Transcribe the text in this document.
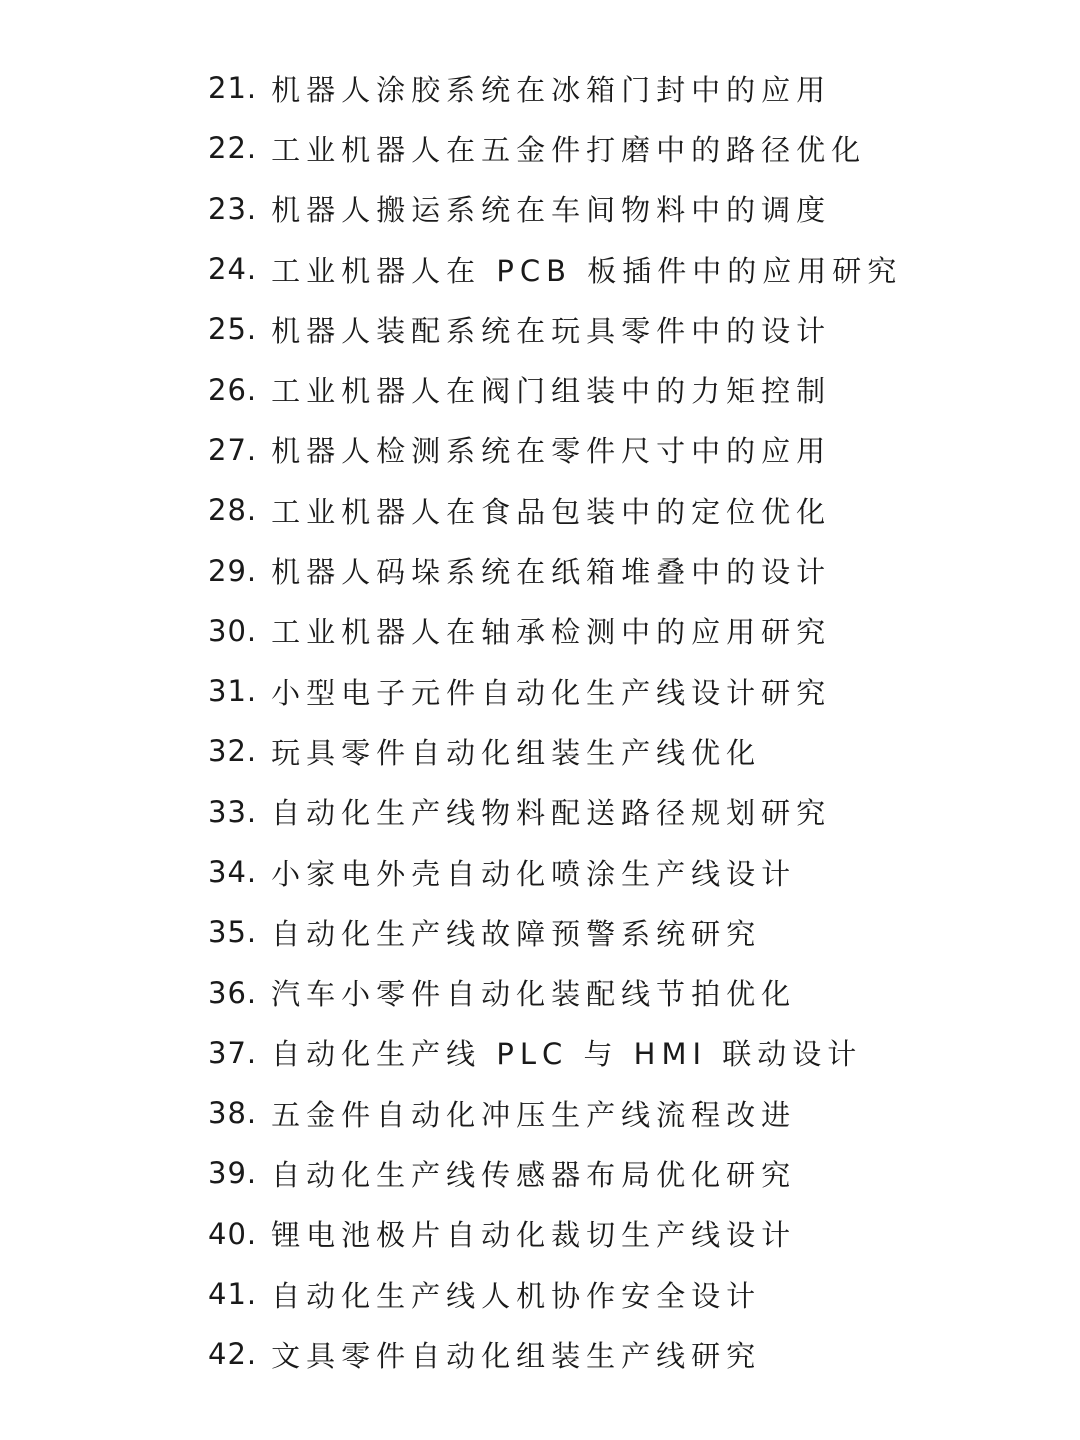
21. 机器人涂胶系统在冰箱门封中的应用
22. 工业机器人在五金件打磨中的路径优化
23. 机器人搬运系统在车间物料中的调度
24. 工业机器人在 PCB 板插件中的应用研究
25. 机器人装配系统在玩具零件中的设计
26. 工业机器人在阀门组装中的力矩控制
27. 机器人检测系统在零件尺寸中的应用
28. 工业机器人在食品包装中的定位优化
29. 机器人码垛系统在纸箱堆叠中的设计
30. 工业机器人在轴承检测中的应用研究
31. 小型电子元件自动化生产线设计研究
32. 玩具零件自动化组装生产线优化
33. 自动化生产线物料配送路径规划研究
34. 小家电外壳自动化喷涂生产线设计
35. 自动化生产线故障预警系统研究
36. 汽车小零件自动化装配线节拍优化
37. 自动化生产线 PLC 与 HMI 联动设计
38. 五金件自动化冲压生产线流程改进
39. 自动化生产线传感器布局优化研究
40. 锂电池极片自动化裁切生产线设计
41. 自动化生产线人机协作安全设计
42. 文具零件自动化组装生产线研究
